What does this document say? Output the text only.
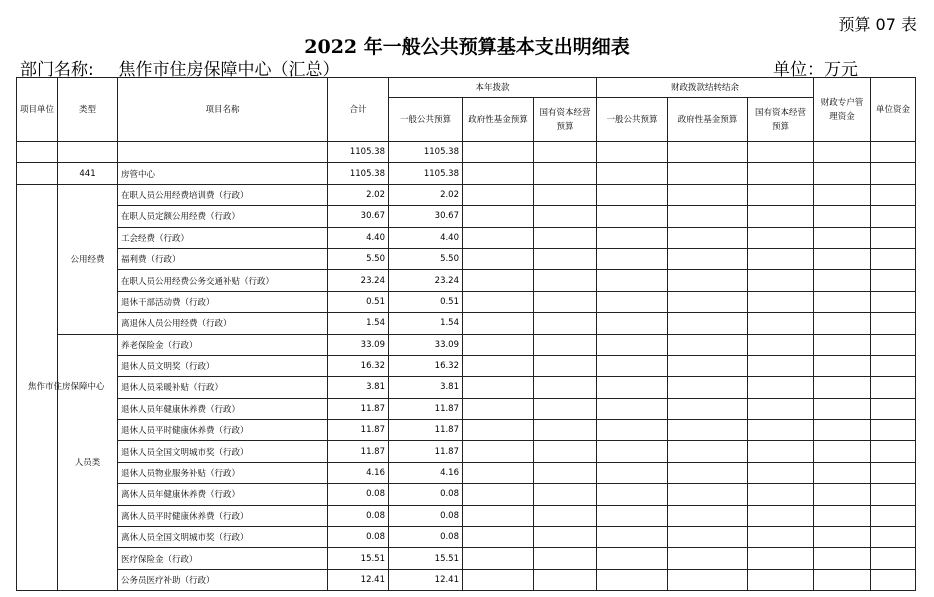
预算 07 表
2022 年一般公共预算基本支出明细表
部门名称: 焦作市住房保障中心（汇总）	单位：万元
项目单位	类型	项目名称	合计	本年拨款			财政拨款结转结余			财政专户管理资金	单位资金
				一般公共预算	政府性基金预算	国有资本经营预算	一般公共预算	政府性基金预算	国有资本经营预算		
			1105.38	1105.38							
	441	房管中心	1105.38	1105.38							
焦作市住房保障中心	公用经费	在职人员公用经费培训费（行政）	2.02	2.02							
		在职人员定额公用经费（行政）	30.67	30.67							
		工会经费（行政）	4.40	4.40							
		福利费（行政）	5.50	5.50							
		在职人员公用经费公务交通补贴（行政）	23.24	23.24							
		退休干部活动费（行政）	0.51	0.51							
		离退休人员公用经费（行政）	1.54	1.54							
	人员类	养老保险金（行政）	33.09	33.09							
		退休人员文明奖（行政）	16.32	16.32							
		退休人员采暖补贴（行政）	3.81	3.81							
		退休人员年健康休养费（行政）	11.87	11.87							
		退休人员平时健康休养费（行政）	11.87	11.87							
		退休人员全国文明城市奖（行政）	11.87	11.87							
		退休人员物业服务补贴（行政）	4.16	4.16							
		离休人员年健康休养费（行政）	0.08	0.08							
		离休人员平时健康休养费（行政）	0.08	0.08							
		离休人员全国文明城市奖（行政）	0.08	0.08							
		医疗保险金（行政）	15.51	15.51							
		公务员医疗补助（行政）	12.41	12.41							
